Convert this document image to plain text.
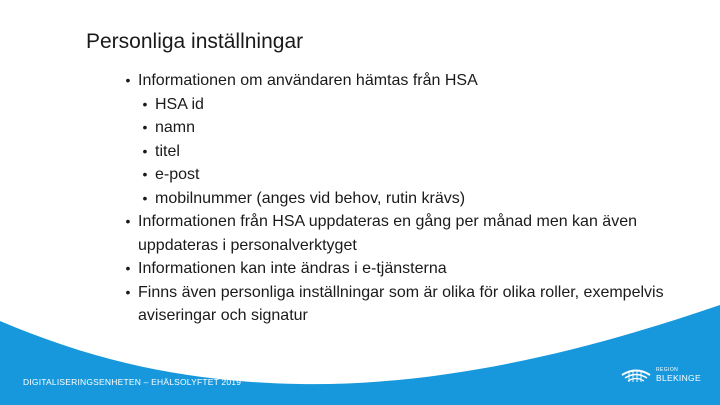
Personliga inställningar
• Informationen om användaren hämtas från HSA
• HSA id
• namn
• titel
• e-post
• mobilnummer (anges vid behov, rutin krävs)
• Informationen från HSA uppdateras en gång per månad men kan även uppdateras i personalverktyget
• Informationen kan inte ändras i e-tjänsterna
• Finns även personliga inställningar som är olika för olika roller, exempelvis aviseringar och signatur
DIGITALISERINGSENHETEN – EHÄLSOLYFTET 2019
REGION
BLEKINGE
